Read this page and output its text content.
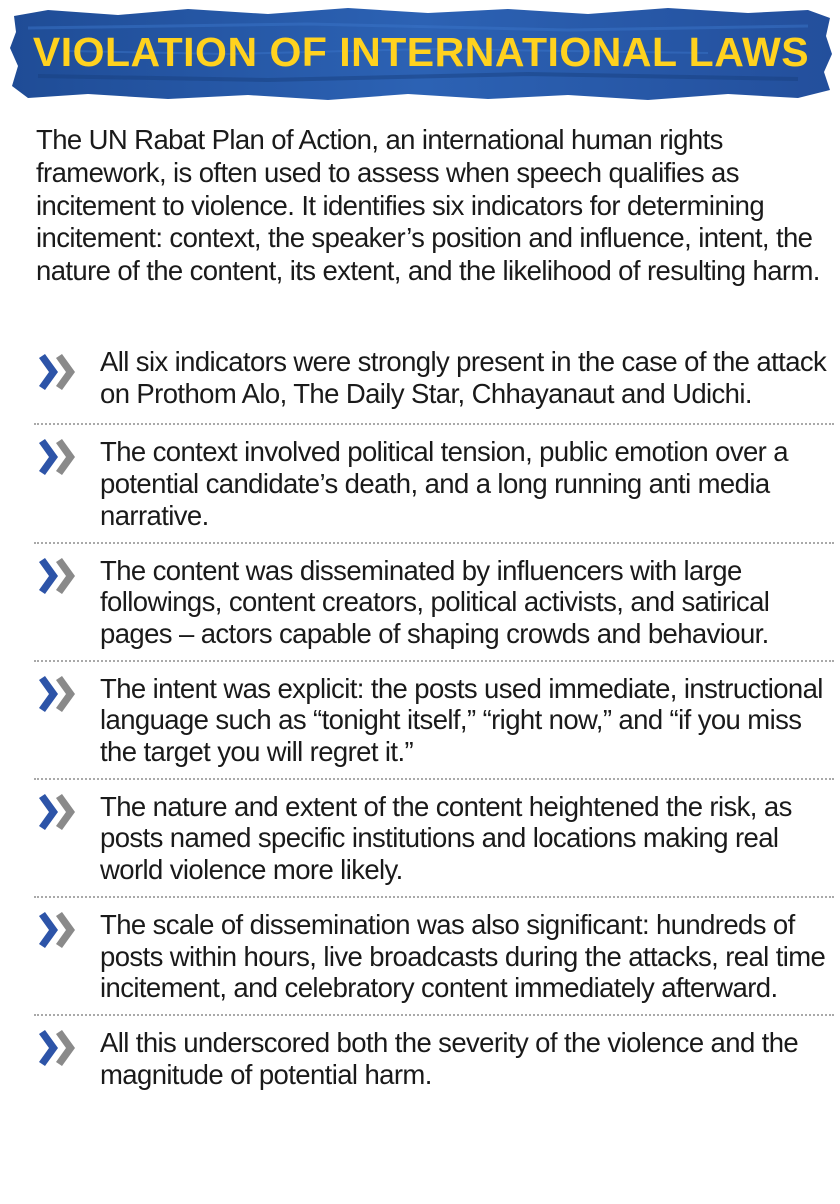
VIOLATION OF INTERNATIONAL LAWS
The UN Rabat Plan of Action, an international human rights framework, is often used to assess when speech qualifies as incitement to violence. It identifies six indicators for determining incitement: context, the speaker’s position and influence, intent, the nature of the content, its extent, and the likelihood of resulting harm.
All six indicators were strongly present in the case of the attack on Prothom Alo, The Daily Star, Chhayanaut and Udichi.
The context involved political tension, public emotion over a potential candidate’s death, and a long running anti media narrative.
The content was disseminated by influencers with large followings, content creators, political activists, and satirical pages – actors capable of shaping crowds and behaviour.
The intent was explicit: the posts used immediate, instructional language such as “tonight itself,” “right now,” and “if you miss the target you will regret it.”
The nature and extent of the content heightened the risk, as posts named specific institutions and locations making real world violence more likely.
The scale of dissemination was also significant: hundreds of posts within hours, live broadcasts during the attacks, real time incitement, and celebratory content immediately afterward.
All this underscored both the severity of the violence and the magnitude of potential harm.
